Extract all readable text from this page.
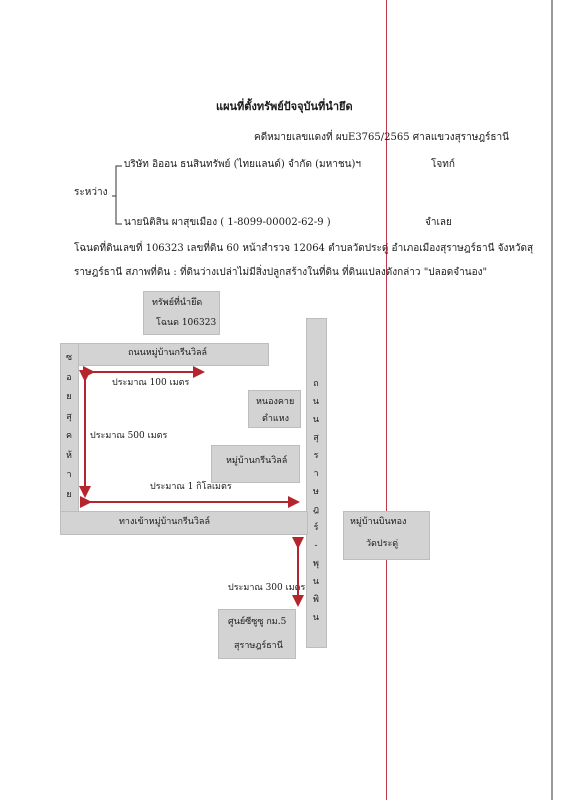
แผนที่ตั้งทรัพย์ปัจจุบันที่นำยึด
คดีหมายเลขแดงที่ ผบE3765/2565 ศาลแขวงสุราษฎร์ธานี
ระหว่าง
บริษัท อิออน ธนสินทรัพย์ (ไทยแลนด์) จำกัด (มหาชน)ฯ	โจทก์
นายนิติสิน ผาสุขเมือง ( 1-8099-00002-62-9 )	จำเลย
โฉนดที่ดินเลขที่ 106323 เลขที่ดิน 60 หน้าสำรวจ 12064 ตำบลวัดประดู่ อำเภอเมืองสุราษฎร์ธานี จังหวัดสุ
ราษฎร์ธานี สภาพที่ดิน : ที่ดินว่างเปล่าไม่มีสิ่งปลูกสร้างในที่ดิน ที่ดินแปลงดังกล่าว "ปลอดจำนอง"
ทรัพย์ที่นำยึด
โฉนด 106323
ถนนหมู่บ้านกรีนวิลล์
ซ
อ
ย
สุ
ค
ห้
า
ย
ถ
น
น
สุ
ร
า
ษ
ฎ
ร์
-
พุ
น
พิ
น
หนองคาย
ตำแหง
หมู่บ้านกรีนวิลล์
ทางเข้าหมู่บ้านกรีนวิลล์	หมู่บ้านบินทอง
วัดประดู่
ศูนย์ซีซูซู กม.5
สุราษฎร์ธานี
ประมาณ 100 เมตร
ประมาณ 500 เมตร
ประมาณ 1 กิโลเมตร
ประมาณ 300 เมตร
